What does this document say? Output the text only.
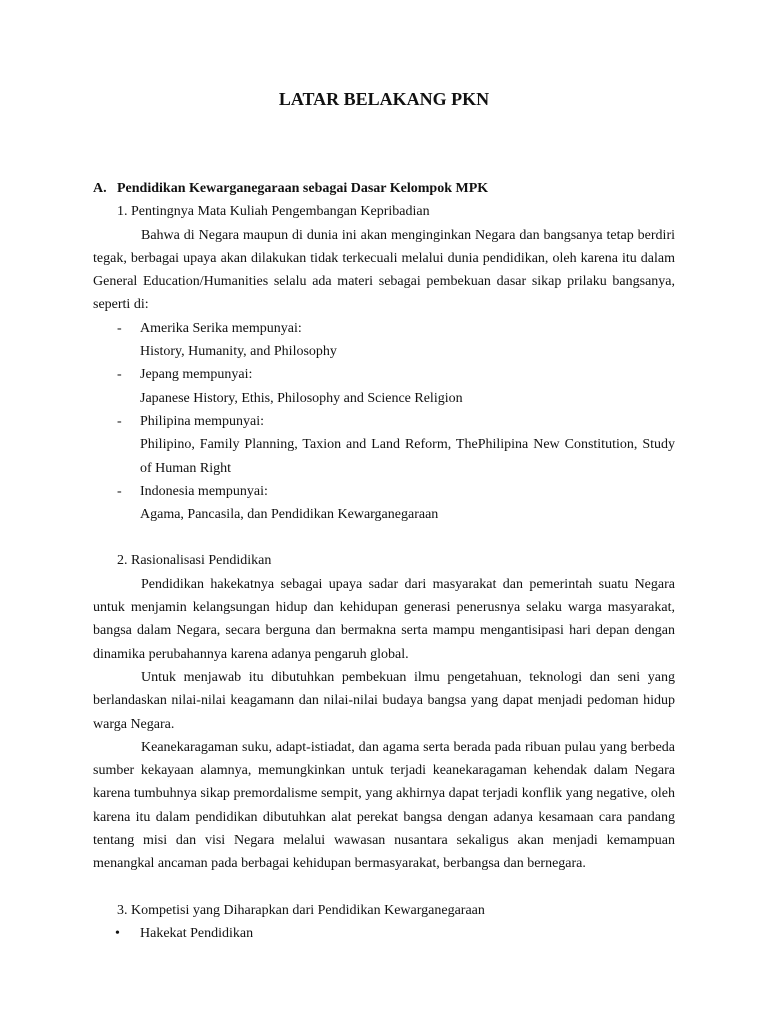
LATAR BELAKANG PKN
A. Pendidikan Kewarganegaraan sebagai Dasar Kelompok MPK
1. Pentingnya Mata Kuliah Pengembangan Kepribadian

Bahwa di Negara maupun di dunia ini akan menginginkan Negara dan bangsanya tetap berdiri tegak, berbagai upaya akan dilakukan tidak terkecuali melalui dunia pendidikan, oleh karena itu dalam General Education/Humanities selalu ada materi sebagai pembekuan dasar sikap prilaku bangsanya, seperti di:

- Amerika Serika mempunyai:
History, Humanity, and Philosophy
- Jepang mempunyai:
Japanese History, Ethis, Philosophy and Science Religion
- Philipina mempunyai:
Philipino, Family Planning, Taxion and Land Reform, ThePhilipina New Constitution, Study of Human Right
- Indonesia mempunyai:
Agama, Pancasila, dan Pendidikan Kewarganegaraan
2. Rasionalisasi Pendidikan

Pendidikan hakekatnya sebagai upaya sadar dari masyarakat dan pemerintah suatu Negara untuk menjamin kelangsungan hidup dan kehidupan generasi penerusnya selaku warga masyarakat, bangsa dalam Negara, secara berguna dan bermakna serta mampu mengantisipasi hari depan dengan dinamika perubahannya karena adanya pengaruh global.

Untuk menjawab itu dibutuhkan pembekuan ilmu pengetahuan, teknologi dan seni yang berlandaskan nilai-nilai keagamann dan nilai-nilai budaya bangsa yang dapat menjadi pedoman hidup warga Negara.

Keanekaragaman suku, adapt-istiadat, dan agama serta berada pada ribuan pulau yang berbeda sumber kekayaan alamnya, memungkinkan untuk terjadi keanekaragaman kehendak dalam Negara karena tumbuhnya sikap premordalisme sempit, yang akhirnya dapat terjadi konflik yang negative, oleh karena itu dalam pendidikan dibutuhkan alat perekat bangsa dengan adanya kesamaan cara pandang tentang misi dan visi Negara melalui wawasan nusantara sekaligus akan menjadi kemampuan menangkal ancaman pada berbagai kehidupan bermasyarakat, berbangsa dan bernegara.

3. Kompetisi yang Diharapkan dari Pendidikan Kewarganegaraan
• Hakekat Pendidikan
